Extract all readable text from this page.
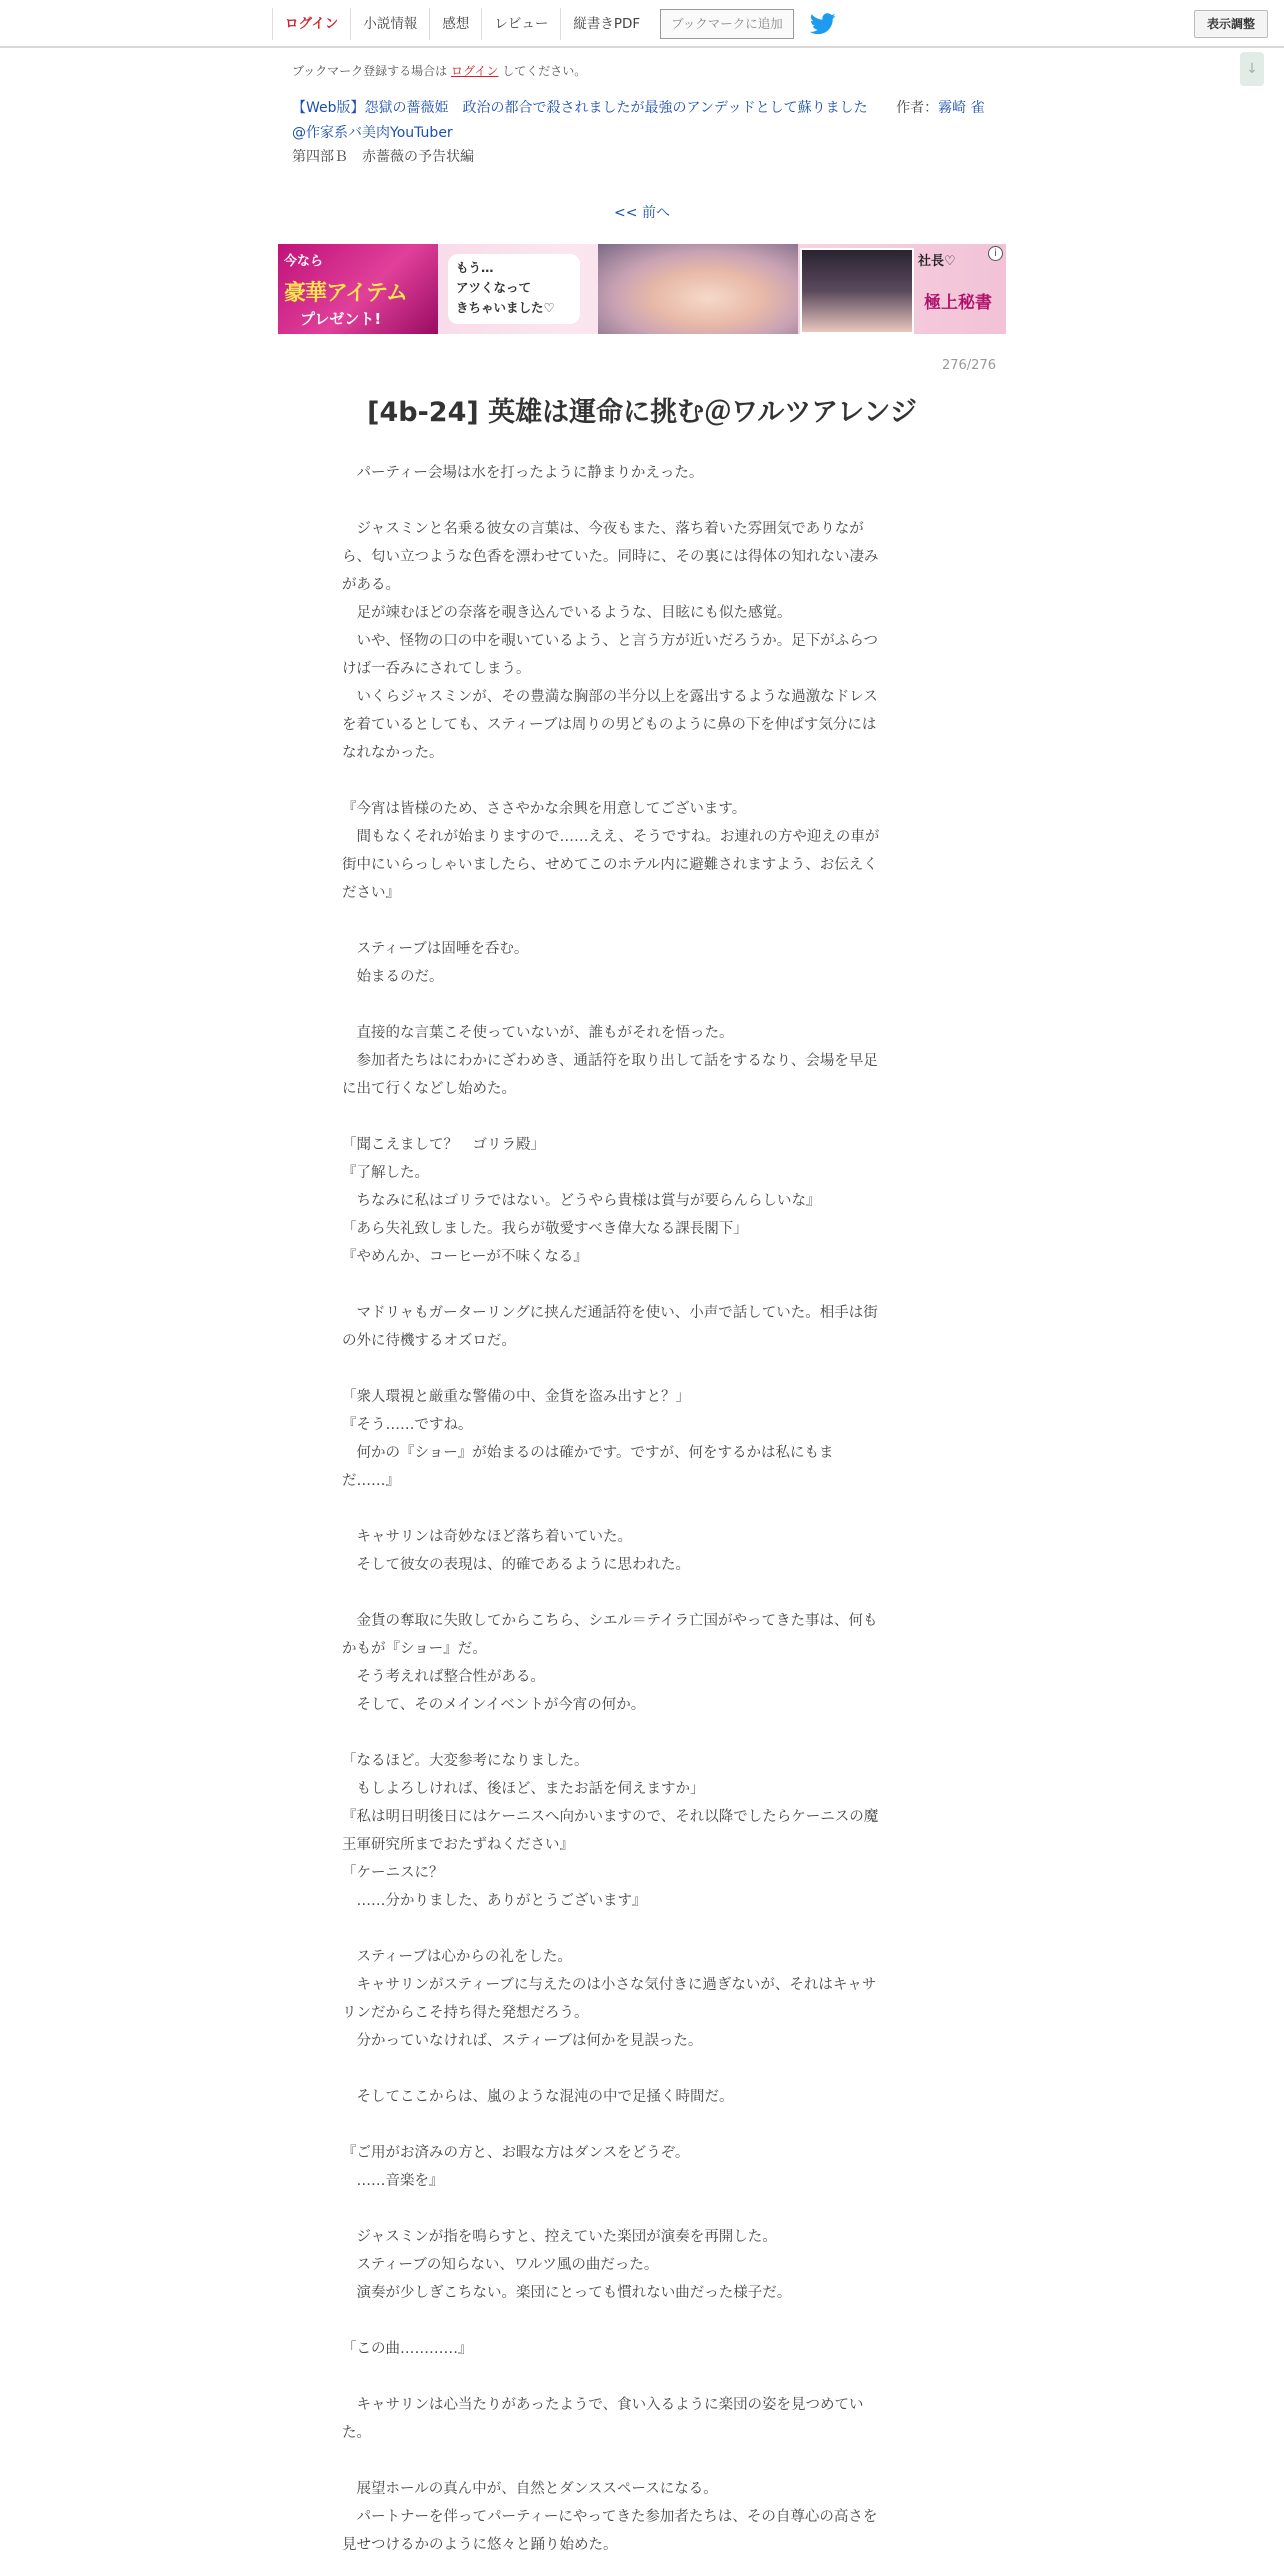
ログイン	小説情報	感想	レビュー	縦書きPDF	ブックマークに追加	表示調整
↓
ブックマーク登録する場合は ログイン してください。
【Web版】怨獄の薔薇姫　政治の都合で殺されましたが最強のアンデッドとして蘇りました 作者：霧崎 雀
@作家系バ美肉YouTuber
第四部Ｂ　赤薔薇の予告状編
<< 前へ
今なら
豪華アイテム
プレゼント!
もう…
アツくなって
きちゃいました♡
社長♡
極上秘書
i
276/276
[4b-24] 英雄は運命に挑む＠ワルツアレンジ
　パーティー会場は水を打ったように静まりかえった。
　ジャスミンと名乗る彼女の言葉は、今夜もまた、落ち着いた雰囲気でありなが
ら、匂い立つような色香を漂わせていた。同時に、その裏には得体の知れない凄み
がある。
　足が竦むほどの奈落を覗き込んでいるような、目眩にも似た感覚。
　いや、怪物の口の中を覗いているよう、と言う方が近いだろうか。足下がふらつ
けば一呑みにされてしまう。
　いくらジャスミンが、その豊満な胸部の半分以上を露出するような過激なドレス
を着ているとしても、スティーブは周りの男どものように鼻の下を伸ばす気分には
なれなかった。
『今宵は皆様のため、ささやかな余興を用意してございます。
　間もなくそれが始まりますので……ええ、そうですね。お連れの方や迎えの車が
街中にいらっしゃいましたら、せめてこのホテル内に避難されますよう、お伝えく
ださい』
　スティーブは固唾を呑む。
　始まるのだ。
　直接的な言葉こそ使っていないが、誰もがそれを悟った。
　参加者たちはにわかにざわめき、通話符を取り出して話をするなり、会場を早足
に出て行くなどし始めた。
「聞こえまして？　ゴリラ殿」
『了解した。
　ちなみに私はゴリラではない。どうやら貴様は賞与が要らんらしいな』
「あら失礼致しました。我らが敬愛すべき偉大なる課長閣下」
『やめんか、コーヒーが不味くなる』
　マドリャもガーターリングに挟んだ通話符を使い、小声で話していた。相手は街
の外に待機するオズロだ。
「衆人環視と厳重な警備の中、金貨を盗み出すと？」
『そう……ですね。
　何かの『ショー』が始まるのは確かです。ですが、何をするかは私にもま
だ……』
　キャサリンは奇妙なほど落ち着いていた。
　そして彼女の表現は、的確であるように思われた。
　金貨の奪取に失敗してからこちら、シエル＝テイラ亡国がやってきた事は、何も
かもが『ショー』だ。
　そう考えれば整合性がある。
　そして、そのメインイベントが今宵の何か。
「なるほど。大変参考になりました。
　もしよろしければ、後ほど、またお話を伺えますか」
『私は明日明後日にはケーニスへ向かいますので、それ以降でしたらケーニスの魔
王軍研究所までおたずねください』
「ケーニスに？
　……分かりました、ありがとうございます』
　スティーブは心からの礼をした。
　キャサリンがスティーブに与えたのは小さな気付きに過ぎないが、それはキャサ
リンだからこそ持ち得た発想だろう。
　分かっていなければ、スティーブは何かを見誤った。
　そしてここからは、嵐のような混沌の中で足掻く時間だ。
『ご用がお済みの方と、お暇な方はダンスをどうぞ。
　……音楽を』
　ジャスミンが指を鳴らすと、控えていた楽団が演奏を再開した。
　スティーブの知らない、ワルツ風の曲だった。
　演奏が少しぎこちない。楽団にとっても慣れない曲だった様子だ。
「この曲…………』
　キャサリンは心当たりがあったようで、食い入るように楽団の姿を見つめてい
た。
　展望ホールの真ん中が、自然とダンススペースになる。
　パートナーを伴ってパーティーにやってきた参加者たちは、その自尊心の高さを
見せつけるかのように悠々と踊り始めた。
